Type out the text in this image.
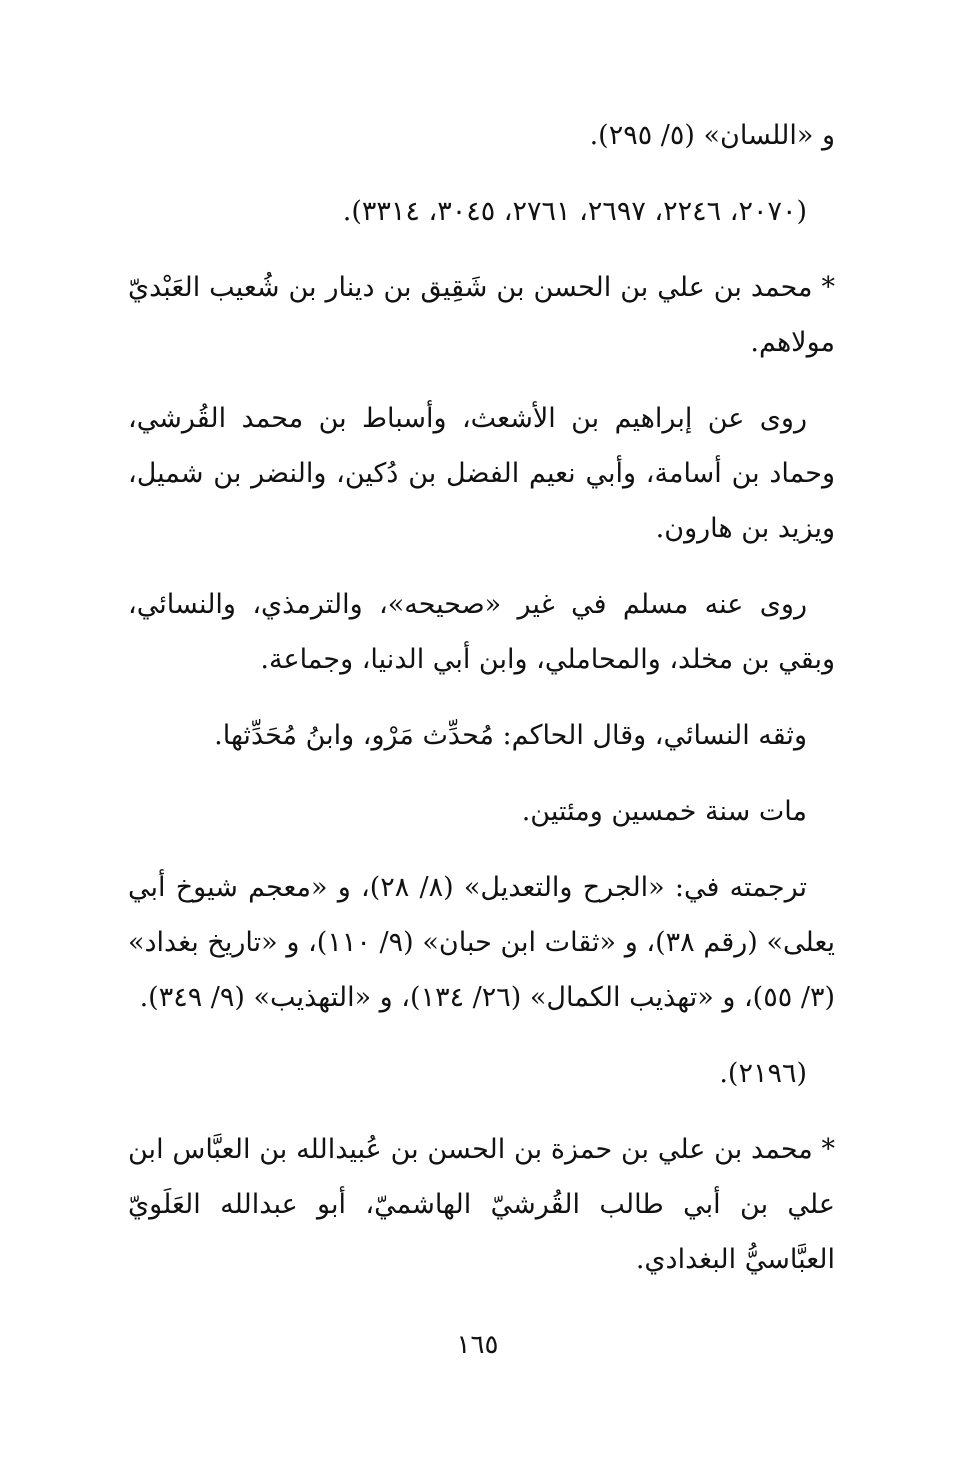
و «اللسان» (٥/ ٢٩٥).

(٢٠٧٠، ٢٢٤٦، ٢٦٩٧، ٢٧٦١، ٣٠٤٥، ٣٣١٤).

* محمد بن علي بن الحسن بن شَقِيق بن دينار بن شُعيب العَبْديّ مولاهم.

روى عن إبراهيم بن الأشعث، وأسباط بن محمد القُرشي، وحماد بن أسامة، وأبي نعيم الفضل بن دُكين، والنضر بن شميل، ويزيد بن هارون.

روى عنه مسلم في غير «صحيحه»، والترمذي، والنسائي، وبقي بن مخلد، والمحاملي، وابن أبي الدنيا، وجماعة.

وثقه النسائي، وقال الحاكم: مُحدِّث مَرْو، وابنُ مُحَدِّثها.

مات سنة خمسين ومئتين.

ترجمته في: «الجرح والتعديل» (٨/ ٢٨)، و «معجم شيوخ أبي يعلى» (رقم ٣٨)، و «ثقات ابن حبان» (٩/ ١١٠)، و «تاريخ بغداد» (٣/ ٥٥)، و «تهذيب الكمال» (٢٦/ ١٣٤)، و «التهذيب» (٩/ ٣٤٩).

(٢١٩٦).

* محمد بن علي بن حمزة بن الحسن بن عُبيدالله بن العبَّاس ابن علي بن أبي طالب القُرشيّ الهاشميّ، أبو عبدالله العَلَويّ العبَّاسيُّ البغدادي.

١٦٥
